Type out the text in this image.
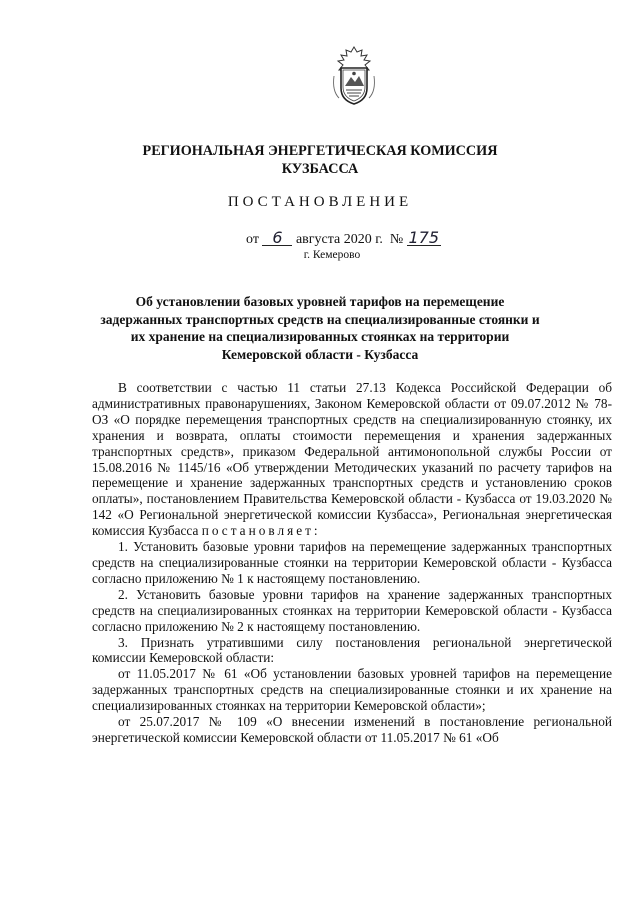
РЕГИОНАЛЬНАЯ ЭНЕРГЕТИЧЕСКАЯ КОМИССИЯ
КУЗБАССА
ПОСТАНОВЛЕНИЕ
от 6 августа 2020 г. № 175
г. Кемерово
Об установлении базовых уровней тарифов на перемещение задержанных транспортных средств на специализированные стоянки и их хранение на специализированных стоянках на территории Кемеровской области - Кузбасса

В соответствии с частью 11 статьи 27.13 Кодекса Российской Федерации об административных правонарушениях, Законом Кемеровской области от 09.07.2012 № 78-ОЗ «О порядке перемещения транспортных средств на специализированную стоянку, их хранения и возврата, оплаты стоимости перемещения и хранения задержанных транспортных средств», приказом Федеральной антимонопольной службы России от 15.08.2016 № 1145/16 «Об утверждении Методических указаний по расчету тарифов на перемещение и хранение задержанных транспортных средств и установлению сроков оплаты», постановлением Правительства Кемеровской области - Кузбасса от 19.03.2020 № 142 «О Региональной энергетической комиссии Кузбасса», Региональная энергетическая комиссия Кузбасса постановляет:

1. Установить базовые уровни тарифов на перемещение задержанных транспортных средств на специализированные стоянки на территории Кемеровской области - Кузбасса согласно приложению № 1 к настоящему постановлению.

2. Установить базовые уровни тарифов на хранение задержанных транспортных средств на специализированных стоянках на территории Кемеровской области - Кузбасса согласно приложению № 2 к настоящему постановлению.

3. Признать утратившими силу постановления региональной энергетической комиссии Кемеровской области:

от 11.05.2017 № 61 «Об установлении базовых уровней тарифов на перемещение задержанных транспортных средств на специализированные стоянки и их хранение на специализированных стоянках на территории Кемеровской области»;

от 25.07.2017 № 109 «О внесении изменений в постановление региональной энергетической комиссии Кемеровской области от 11.05.2017 № 61 «Об
